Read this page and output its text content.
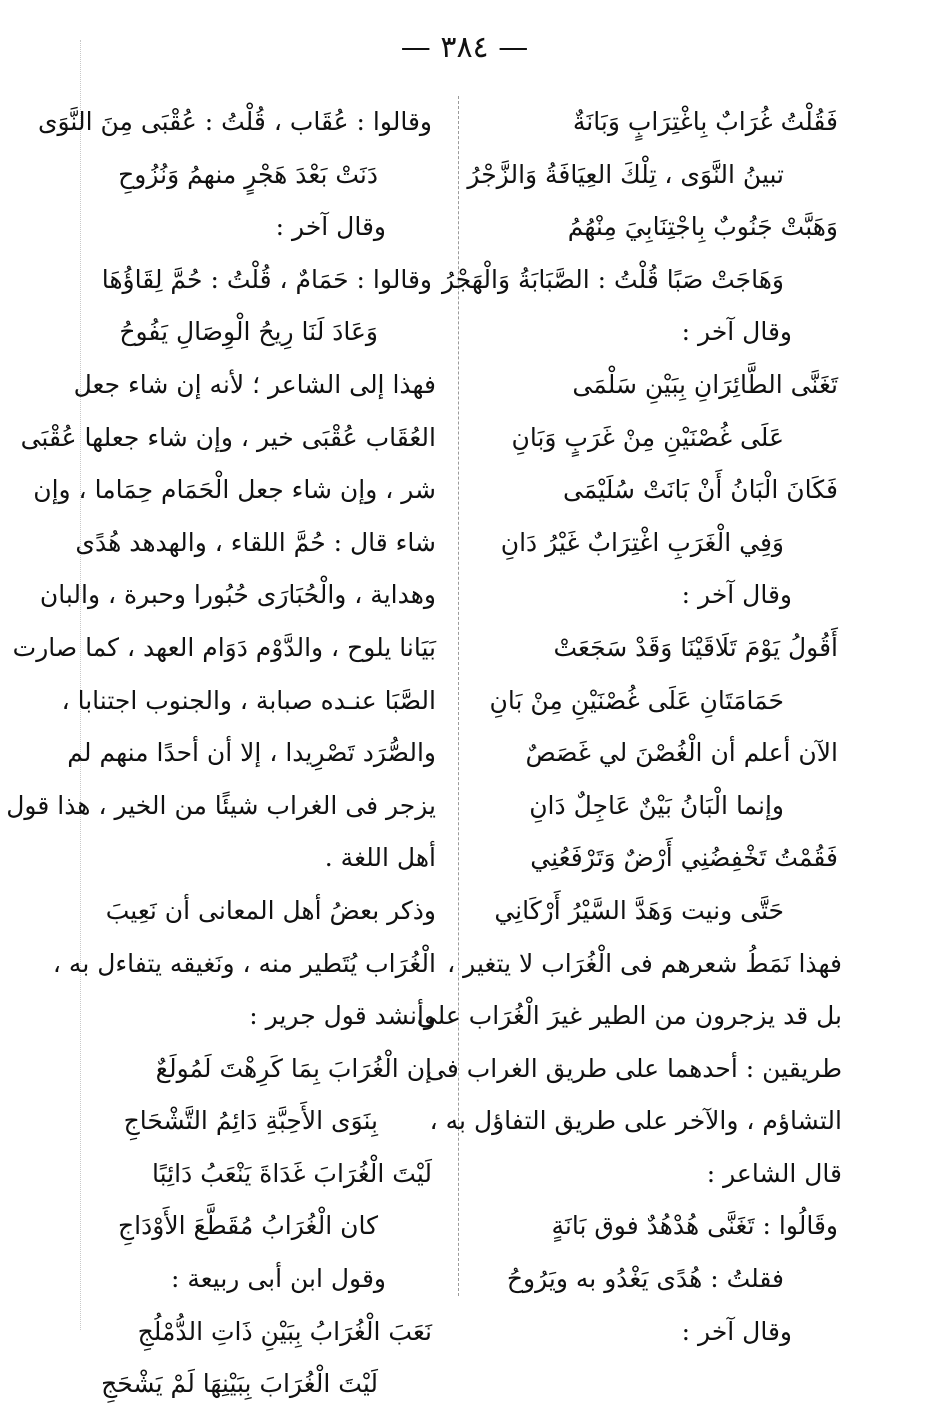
— ٣٨٤ —
فَقُلْتُ غُرَابٌ بِاغْتِرَابٍ وَبَانَةٌ
تبينُ النَّوَى ، تِلْكَ العِيَافَةُ وَالزَّجْرُ
وَهَبَّتْ جَنُوبٌ بِاجْتِنَابِيَ مِنْهُمُ
وَهَاجَتْ صَبًا قُلْتُ : الصَّبَابَةُ وَالْهَجْرُ
وقال آخر :
تَغَنَّى الطَّائِرَانِ بِبَيْنِ سَلْمَى
عَلَى غُصْنَيْنِ مِنْ غَرَبٍ وَبَانِ
فَكَانَ الْبَانُ أَنْ بَانَتْ سُلَيْمَى
وَفِي الْغَرَبِ اغْتِرَابٌ غَيْرُ دَانِ
وقال آخر :
أَقُولُ يَوْمَ تَلَاقَيْنَا وَقَدْ سَجَعَتْ
حَمَامَتَانِ عَلَى غُصْنَيْنِ مِنْ بَانِ
الآن أعلم أن الْغُصْنَ لي غَصَصٌ
وإنما الْبَانُ بَيْنٌ عَاجِلٌ دَانِ
فَقُمْتُ تَخْفِضُنِي أَرْضٌ وَتَرْفَعُنِي
حَتَّى ونيت وَهَدَّ السَّيْرُ أَرْكَانِي
فهذا نَمَطُ شعرهم فى الْغُرَاب لا يتغير ،
بل قد يزجرون من الطير غيرَ الْغُرَاب على
طريقين : أحدهما على طريق الغراب فى
التشاؤم ، والآخر على طريق التفاؤل به ،
قال الشاعر :
وقَالُوا : تَغَنَّى هُدْهُدٌ فوق بَانَةٍ
فقلتُ : هُدًى يَغْدُو به ويَرُوحُ
وقال آخر :
وقالوا : عُقَاب ، قُلْتُ : عُقْبَى مِنَ النَّوَى
دَنَتْ بَعْدَ هَجْرٍ منهمُ وَنُزُوحِ
وقال آخر :
وقالوا : حَمَامٌ ، قُلْتُ : حُمَّ لِقَاؤُهَا
وَعَادَ لَنَا رِيحُ الْوِصَالِ يَفُوحُ
فهذا إلى الشاعر ؛ لأنه إن شاء جعل
العُقَاب عُقْبَى خير ، وإن شاء جعلها عُقْبَى
شر ، وإن شاء جعل الْحَمَام حِمَاما ، وإن
شاء قال : حُمَّ اللقاء ، والهدهد هُدًى
وهداية ، والْحُبَارَى حُبُورا وحبرة ، والبان
بَيَانا يلوح ، والدَّوْم دَوَام العهد ، كما صارت
الصَّبَا عنـده صبابة ، والجنوب اجتنابا ،
والصُّرَد تَصْرِيدا ، إلا أن أحدًا منهم لم
يزجر فى الغراب شيئًا من الخير ، هذا قول
أهل اللغة .
وذكر بعضُ أهل المعانى أن نَعِيبَ
الْغُرَاب يُتَطير منه ، ونَغيقه يتفاءل به ،
وأنشد قول جرير :
إن الْغُرَابَ بِمَا كَرِهْتَ لَمُولَعٌ
بِنَوَى الأَحِبَّةِ دَائِمُ التَّشْحَاجِ
لَيْتَ الْغُرَابَ غَدَاةَ يَنْعَبُ دَائِبًا
كان الْغُرَابُ مُقَطَّعَ الأَوْدَاجِ
وقول ابن أبى ربيعة :
نَعَبَ الْغُرَابُ بِبَيْنِ ذَاتِ الدُّمْلُجِ
لَيْتَ الْغُرَابَ بِبَيْنِهَا لَمْ يَشْحَجِ
